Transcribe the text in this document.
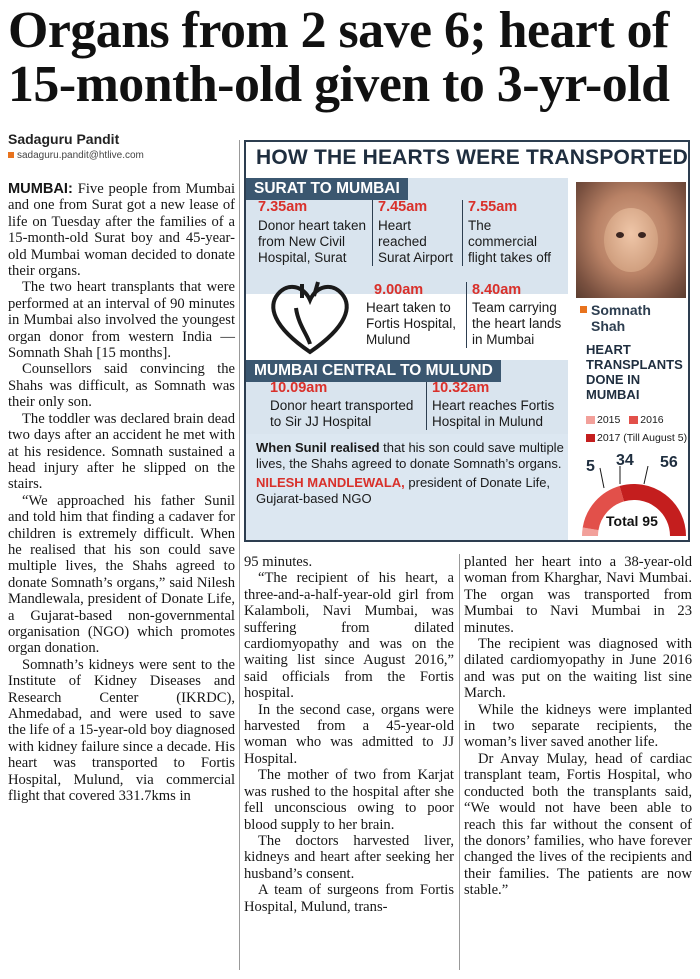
Organs from 2 save 6; heart of
15-month-old given to 3-yr-old
Sadaguru Pandit
sadaguru.pandit@htlive.com

MUMBAI: Five people from Mumbai and one from Surat got a new lease of life on Tuesday after the families of a 15-month-old Surat boy and 45-year-old Mumbai woman decided to donate their organs.

The two heart transplants that were performed at an interval of 90 minutes in Mumbai also involved the youngest organ donor from western India — Somnath Shah [15 months].

Counsellors said convincing the Shahs was difficult, as Somnath was their only son.

The toddler was declared brain dead two days after an accident he met with at his residence. Somnath sustained a head injury after he slipped on the stairs.

“We approached his father Sunil and told him that finding a cadaver for children is extremely difficult. When he realised that his son could save multiple lives, the Shahs agreed to donate Somnath’s organs,” said Nilesh Mandlewala, president of Donate Life, a Gujarat-based non-governmental organisation (NGO) which promotes organ donation.

Somnath’s kidneys were sent to the Institute of Kidney Diseases and Research Center (IKRDC), Ahmedabad, and were used to save the life of a 15-year-old boy diagnosed with kidney failure since a decade. His heart was transported to Fortis Hospital, Mulund, via commercial flight that covered 331.7kms in

HOW THE HEARTS WERE TRANSPORTED
SURAT TO MUMBAI
7.35am
Donor heart taken from New Civil Hospital, Surat
7.45am
Heart reached Surat Airport
7.55am
The commercial flight takes off
9.00am
Heart taken to Fortis Hospital, Mulund
8.40am
Team carrying the heart lands in Mumbai
MUMBAI CENTRAL TO MULUND
10.09am
Donor heart transported to Sir JJ Hospital
10.32am
Heart reaches Fortis Hospital in Mulund
When Sunil realised that his son could save multiple lives, the Shahs agreed to donate Somnath’s organs.
NILESH MANDLEWALA, president of Donate Life, Gujarat-based NGO
Somnath
Shah
HEART
TRANSPLANTS
DONE IN
MUMBAI
2015 2016
2017 (Till August 5)
5 34 56
Total 95

95 minutes.

“The recipient of his heart, a three-and-a-half-year-old girl from Kalamboli, Navi Mumbai, was suffering from dilated cardiomyopathy and was on the waiting list since August 2016,” said officials from the Fortis hospital.

In the second case, organs were harvested from a 45-year-old woman who was admitted to JJ Hospital.

The mother of two from Karjat was rushed to the hospital after she fell unconscious owing to poor blood supply to her brain.

The doctors harvested liver, kidneys and heart after seeking her husband’s consent.

A team of surgeons from Fortis Hospital, Mulund, trans-

planted her heart into a 38-year-old woman from Kharghar, Navi Mumbai. The organ was transported from Mumbai to Navi Mumbai in 23 minutes.

The recipient was diagnosed with dilated cardiomyopathy in June 2016 and was put on the waiting list sine March.

While the kidneys were implanted in two separate recipients, the woman’s liver saved another life.

Dr Anvay Mulay, head of cardiac transplant team, Fortis Hospital, who conducted both the transplants said, “We would not have been able to reach this far without the consent of the donors’ families, who have forever changed the lives of the recipients and their families. The patients are now stable.”
